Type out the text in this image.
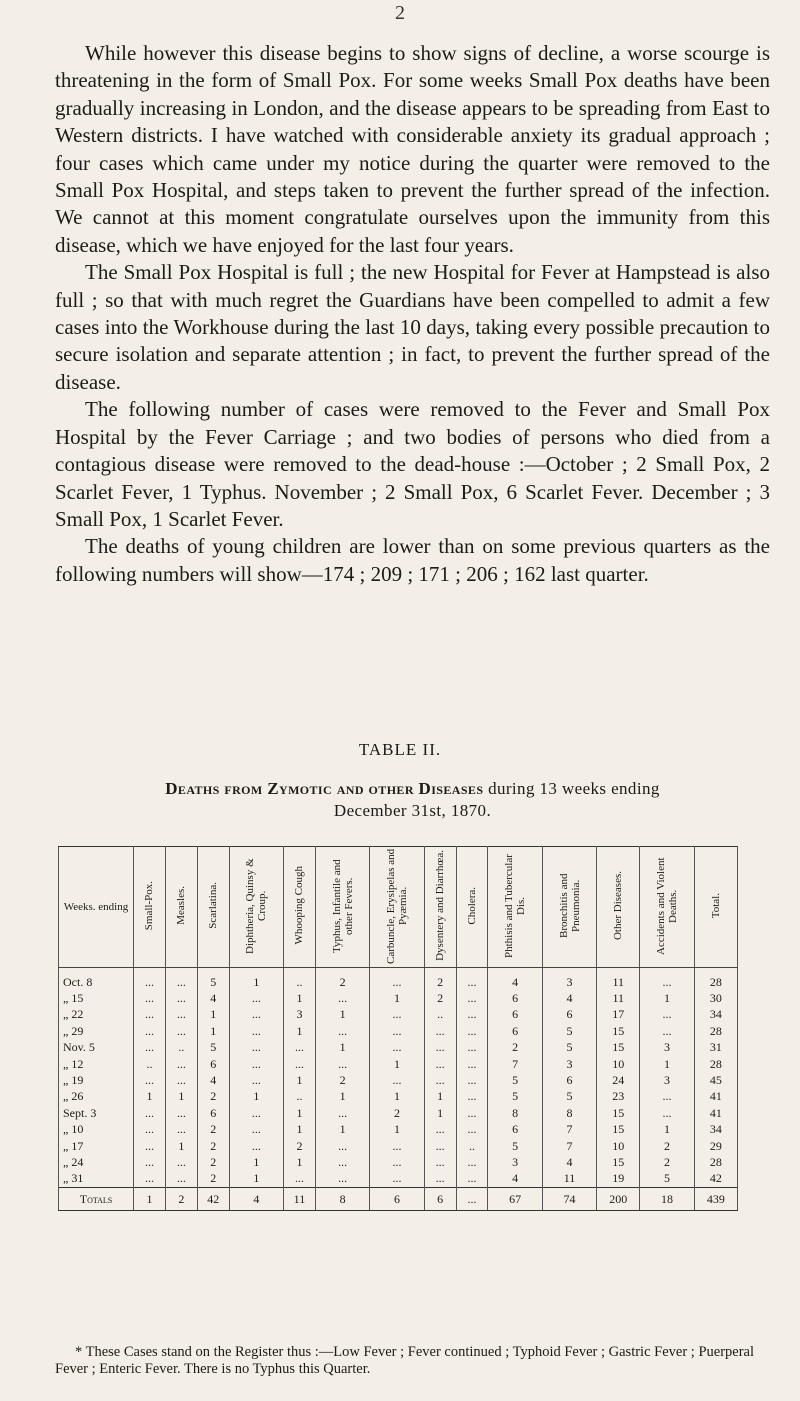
2

While however this disease begins to show signs of decline, a worse scourge is threatening in the form of Small Pox. For some weeks Small Pox deaths have been gradually increasing in London, and the disease appears to be spreading from East to Western districts. I have watched with considerable anxiety its gradual approach ; four cases which came under my notice during the quarter were removed to the Small Pox Hospital, and steps taken to prevent the further spread of the infection. We cannot at this moment congratulate ourselves upon the immunity from this disease, which we have enjoyed for the last four years.

The Small Pox Hospital is full ; the new Hospital for Fever at Hampstead is also full ; so that with much regret the Guardians have been compelled to admit a few cases into the Workhouse during the last 10 days, taking every possible precaution to secure isolation and separate attention ; in fact, to prevent the further spread of the disease.

The following number of cases were removed to the Fever and Small Pox Hospital by the Fever Carriage ; and two bodies of persons who died from a contagious disease were removed to the dead-house :—October ; 2 Small Pox, 2 Scarlet Fever, 1 Typhus. November ; 2 Small Pox, 6 Scarlet Fever. December ; 3 Small Pox, 1 Scarlet Fever.

The deaths of young children are lower than on some previous quarters as the following numbers will show—174 ; 209 ; 171 ; 206 ; 162 last quarter.

TABLE II.
Deaths from Zymotic and other Diseases during 13 weeks ending
December 31st, 1870.
Weeks. ending	Small-Pox.	Measles.	Scarlatina.	Diphtheria, Quinsy & Croup.	Whooping Cough	Typhus, Infantile and other Fevers.	Carbuncle, Erysipelas and Pyæmia.	Dysentery and Diarrhœa.	Cholera.	Phthisis and Tubercular Dis.	Bronchitis and Pneumonia.	Other Diseases.	Accidents and Violent Deaths.	Total.
Oct. 8	...	...	5	1	..	2	...	2	...	4	3	11	...	28
„ 15	...	...	4	...	1	...	1	2	...	6	4	11	1	30
„ 22	...	...	1	...	3	1	...	..	...	6	6	17	...	34
„ 29	...	...	1	...	1	...	...	...	...	6	5	15	...	28
Nov. 5	...	..	5	...	...	1	...	...	...	2	5	15	3	31
„ 12	..	...	6	...	...	...	1	...	...	7	3	10	1	28
„ 19	...	...	4	...	1	2	...	...	...	5	6	24	3	45
„ 26	1	1	2	1	..	1	1	1	...	5	5	23	...	41
Sept. 3	...	...	6	...	1	...	2	1	...	8	8	15	...	41
„ 10	...	...	2	...	1	1	1	...	...	6	7	15	1	34
„ 17	...	1	2	...	2	...	...	...	..	5	7	10	2	29
„ 24	...	...	2	1	1	...	...	...	...	3	4	15	2	28
„ 31	...	...	2	1	...	...	...	...	...	4	11	19	5	42
Totals	1	2	42	4	11	8	6	6	...	67	74	200	18	439
* These Cases stand on the Register thus :—Low Fever ; Fever continued ; Typhoid Fever ; Gastric Fever ; Puerperal Fever ; Enteric Fever. There is no Typhus this Quarter.
